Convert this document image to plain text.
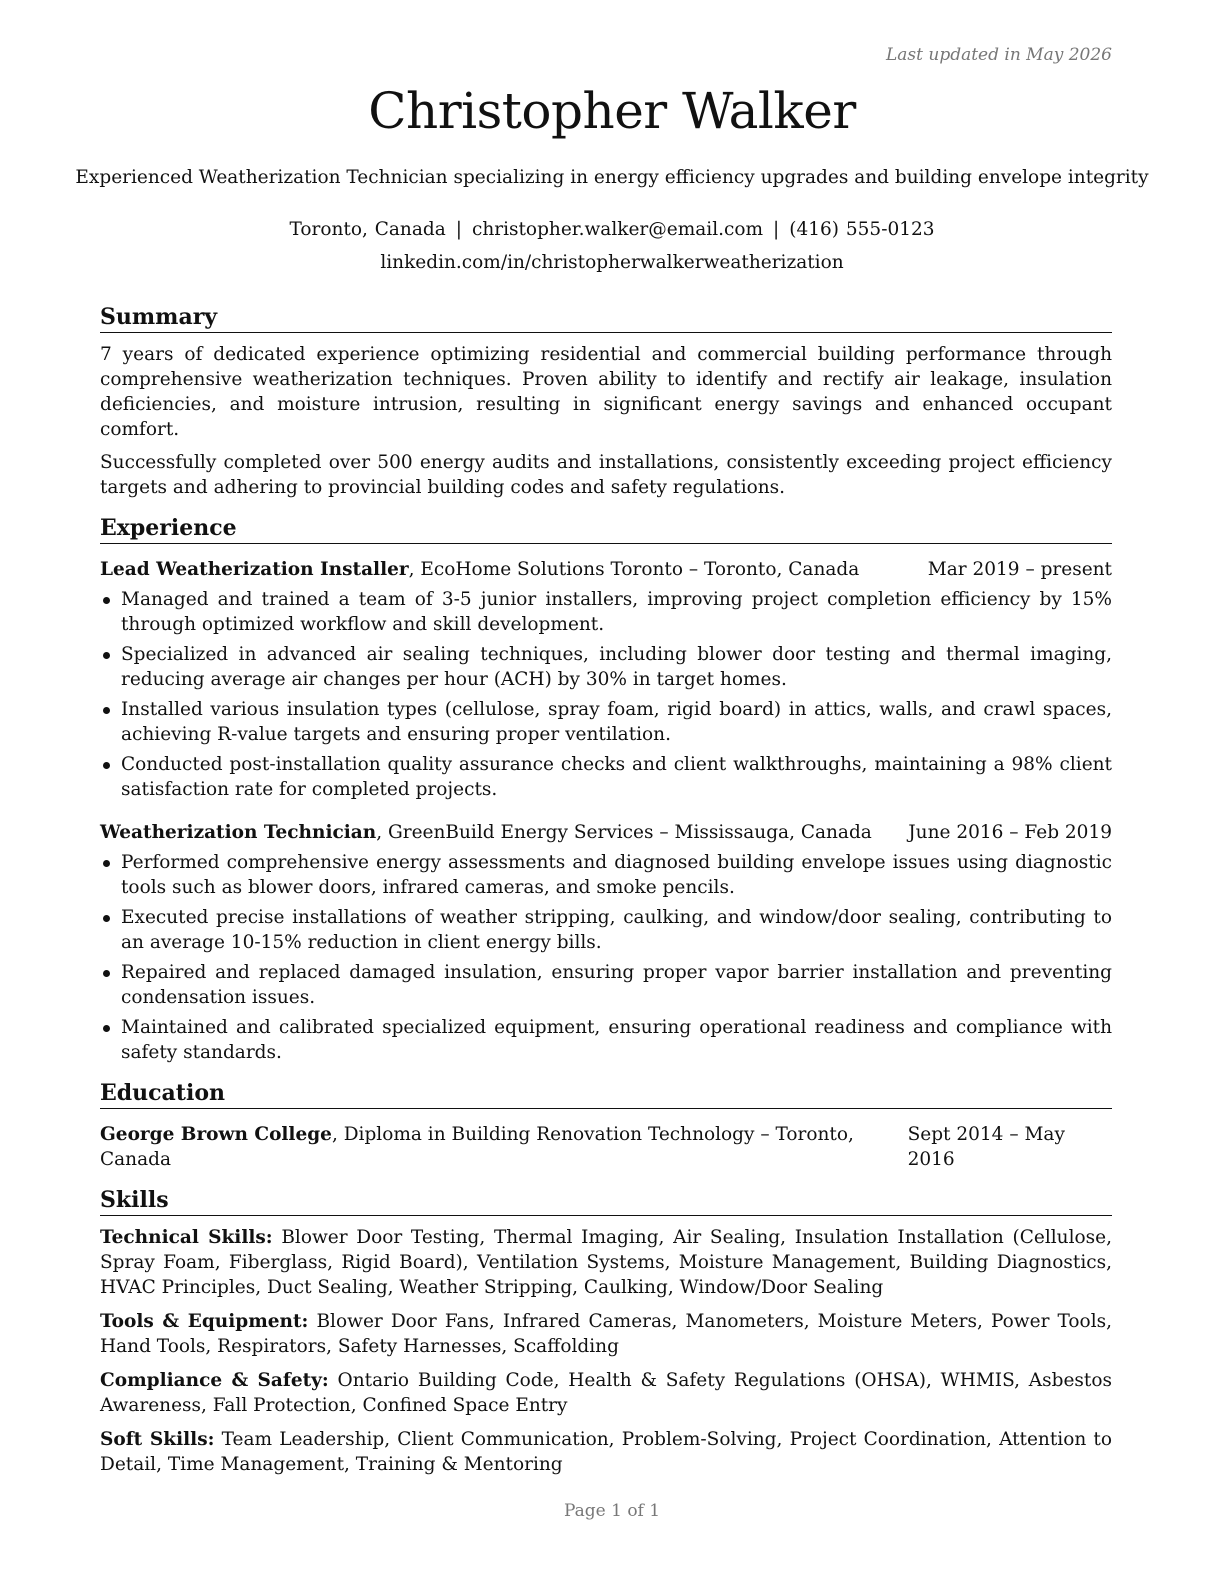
Last updated in May 2026
Christopher Walker
Experienced Weatherization Technician specializing in energy efficiency upgrades and building envelope integrity
Toronto, Canada | christopher.walker@email.com | (416) 555-0123
linkedin.com/in/christopherwalkerweatherization
Summary

7 years of dedicated experience optimizing residential and commercial building performance through comprehensive weatherization techniques. Proven ability to identify and rectify air leakage, insulation deficiencies, and moisture intrusion, resulting in significant energy savings and enhanced occupant comfort.

Successfully completed over 500 energy audits and installations, consistently exceeding project efficiency targets and adhering to provincial building codes and safety regulations.

Experience
Lead Weatherization Installer, EcoHome Solutions Toronto – Toronto, Canada	Mar 2019 – present
Managed and trained a team of 3-5 junior installers, improving project completion efficiency by 15% through optimized workflow and skill development.
Specialized in advanced air sealing techniques, including blower door testing and thermal imaging, reducing average air changes per hour (ACH) by 30% in target homes.
Installed various insulation types (cellulose, spray foam, rigid board) in attics, walls, and crawl spaces, achieving R-value targets and ensuring proper ventilation.
Conducted post-installation quality assurance checks and client walkthroughs, maintaining a 98% client satisfaction rate for completed projects.
Weatherization Technician, GreenBuild Energy Services – Mississauga, Canada June 2016 – Feb 2019
Performed comprehensive energy assessments and diagnosed building envelope issues using diagnostic tools such as blower doors, infrared cameras, and smoke pencils.
Executed precise installations of weather stripping, caulking, and window/door sealing, contributing to an average 10-15% reduction in client energy bills.
Repaired and replaced damaged insulation, ensuring proper vapor barrier installation and preventing condensation issues.
Maintained and calibrated specialized equipment, ensuring operational readiness and compliance with safety standards.
Education
George Brown College, Diploma in Building Renovation Technology – Toronto, Canada
Sept 2014 – May 2016
Skills

Technical Skills: Blower Door Testing, Thermal Imaging, Air Sealing, Insulation Installation (Cellulose, Spray Foam, Fiberglass, Rigid Board), Ventilation Systems, Moisture Management, Building Diagnostics, HVAC Principles, Duct Sealing, Weather Stripping, Caulking, Window/Door Sealing

Tools & Equipment: Blower Door Fans, Infrared Cameras, Manometers, Moisture Meters, Power Tools, Hand Tools, Respirators, Safety Harnesses, Scaffolding

Compliance & Safety: Ontario Building Code, Health & Safety Regulations (OHSA), WHMIS, Asbestos Awareness, Fall Protection, Confined Space Entry

Soft Skills: Team Leadership, Client Communication, Problem-Solving, Project Coordination, Attention to Detail, Time Management, Training & Mentoring

Page 1 of 1
